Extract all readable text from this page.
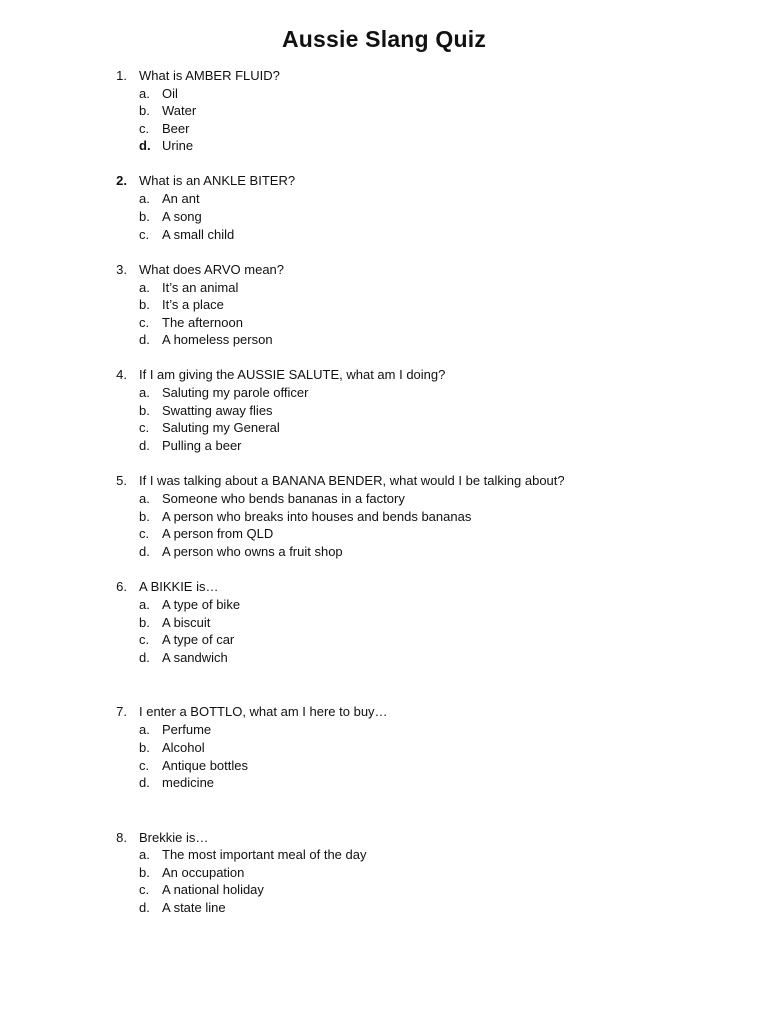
Aussie Slang Quiz
1. What is AMBER FLUID?
a. Oil
b. Water
c. Beer
d. Urine
2. What is an ANKLE BITER?
a. An ant
b. A song
c. A small child
3. What does ARVO mean?
a. It’s an animal
b. It’s a place
c. The afternoon
d. A homeless person
4. If I am giving the AUSSIE SALUTE, what am I doing?
a. Saluting my parole officer
b. Swatting away flies
c. Saluting my General
d. Pulling a beer
5. If I was talking about a BANANA BENDER, what would I be talking about?
a. Someone who bends bananas in a factory
b. A person who breaks into houses and bends bananas
c. A person from QLD
d. A person who owns a fruit shop
6. A BIKKIE is…
a. A type of bike
b. A biscuit
c. A type of car
d. A sandwich
7. I enter a BOTTLO, what am I here to buy…
a. Perfume
b. Alcohol
c. Antique bottles
d. medicine
8. Brekkie is…
a. The most important meal of the day
b. An occupation
c. A national holiday
d. A state line
